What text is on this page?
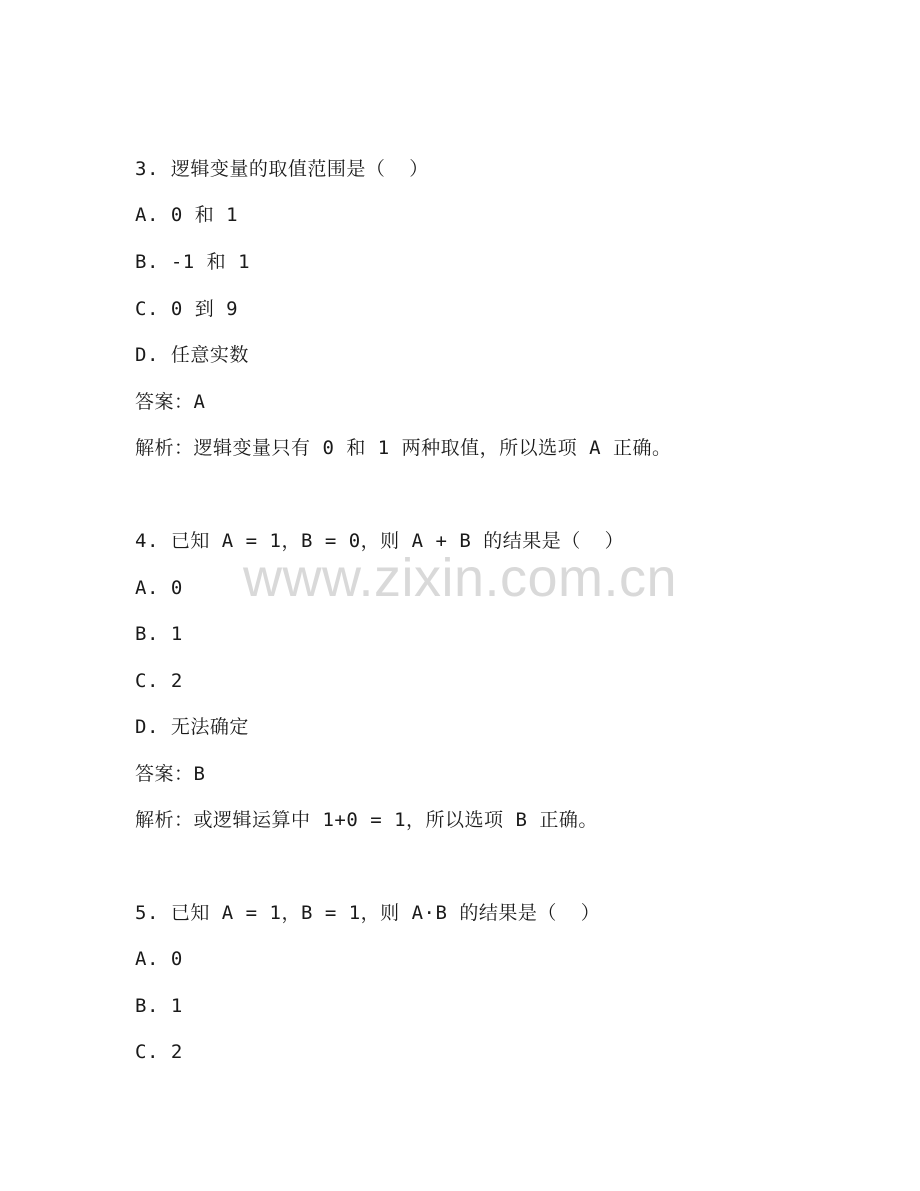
3. 逻辑变量的取值范围是（  ）
A. 0 和 1
B. -1 和 1
C. 0 到 9
D. 任意实数
答案：A
解析：逻辑变量只有 0 和 1 两种取值，所以选项 A 正确。
4. 已知 A = 1，B = 0，则 A + B 的结果是（  ）
A. 0
B. 1
C. 2
D. 无法确定
答案：B
解析：或逻辑运算中 1+0 = 1，所以选项 B 正确。
5. 已知 A = 1，B = 1，则 A·B 的结果是（  ）
A. 0
B. 1
C. 2
www.zixin.com.cn
